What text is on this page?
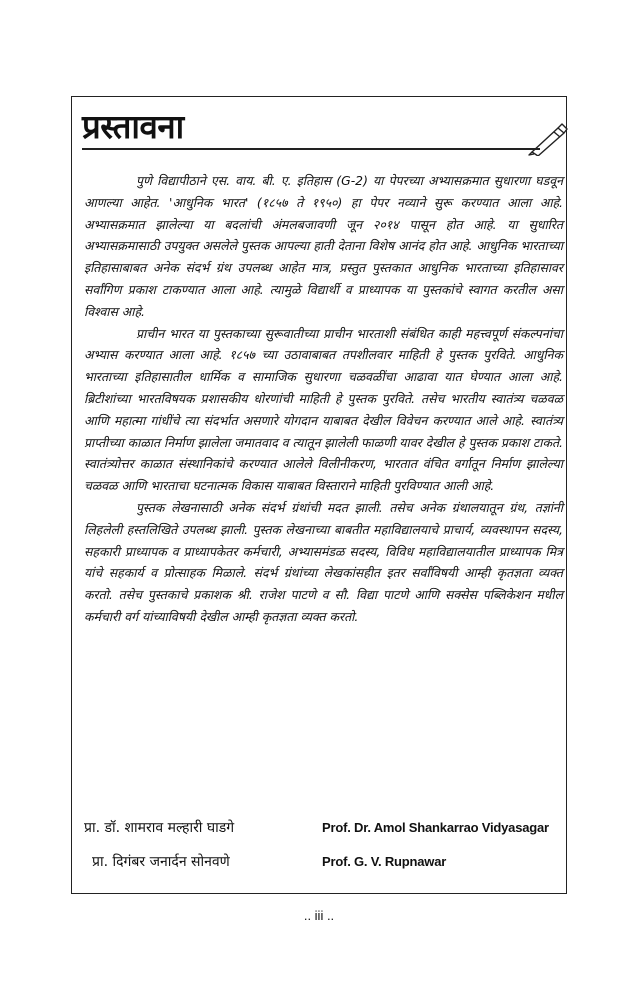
प्रस्तावना

पुणे विद्यापीठाने एस. वाय. बी. ए. इतिहास (G-2) या पेपरच्या अभ्यासक्रमात सुधारणा घडवून आणल्या आहेत. 'आधुनिक भारत' (१८५७ ते १९५०) हा पेपर नव्याने सुरू करण्यात आला आहे. अभ्यासक्रमात झालेल्या या बदलांची अंमलबजावणी जून २०१४ पासून होत आहे. या सुधारित अभ्यासक्रमासाठी उपयुक्त असलेले पुस्तक आपल्या हाती देताना विशेष आनंद होत आहे. आधुनिक भारताच्या इतिहासाबाबत अनेक संदर्भ ग्रंथ उपलब्ध आहेत मात्र, प्रस्तुत पुस्तकात आधुनिक भारताच्या इतिहासावर सर्वांगिण प्रकाश टाकण्यात आला आहे. त्यामुळे विद्यार्थी व प्राध्यापक या पुस्तकांचे स्वागत करतील असा विश्वास आहे.

प्राचीन भारत या पुस्तकाच्या सुरूवातीच्या प्राचीन भारताशी संबंधित काही महत्त्वपूर्ण संकल्पनांचा अभ्यास करण्यात आला आहे. १८५७ च्या उठावाबाबत तपशीलवार माहिती हे पुस्तक पुरविते. आधुनिक भारताच्या इतिहासातील धार्मिक व सामाजिक सुधारणा चळवळींचा आढावा यात घेण्यात आला आहे. ब्रिटीशांच्या भारतविषयक प्रशासकीय धोरणांची माहिती हे पुस्तक पुरविते. तसेच भारतीय स्वातंत्र्य चळवळ आणि महात्मा गांधींचे त्या संदर्भात असणारे योगदान याबाबत देखील विवेचन करण्यात आले आहे. स्वातंत्र्य प्राप्तीच्या काळात निर्माण झालेला जमातवाद व त्यातून झालेली फाळणी यावर देखील हे पुस्तक प्रकाश टाकते. स्वातंत्र्योत्तर काळात संस्थानिकांचे करण्यात आलेले विलीनीकरण, भारतात वंचित वर्गातून निर्माण झालेल्या चळवळ आणि भारताचा घटनात्मक विकास याबाबत विस्ताराने माहिती पुरविण्यात आली आहे.

पुस्तक लेखनासाठी अनेक संदर्भ ग्रंथांची मदत झाली. तसेच अनेक ग्रंथालयातून ग्रंथ, तज्ञांनी लिहलेली हस्तलिखिते उपलब्ध झाली. पुस्तक लेखनाच्या बाबतीत महाविद्यालयाचे प्राचार्य, व्यवस्थापन सदस्य, सहकारी प्राध्यापक व प्राध्यापकेतर कर्मचारी, अभ्यासमंडळ सदस्य, विविध महाविद्यालयातील प्राध्यापक मित्र यांचे सहकार्य व प्रोत्साहक मिळाले. संदर्भ ग्रंथांच्या लेखकांसहीत इतर सर्वांविषयी आम्ही कृतज्ञता व्यक्त करतो. तसेच पुस्तकाचे प्रकाशक श्री. राजेश पाटणे व सौ. विद्या पाटणे आणि सक्सेस पब्लिकेशन मधील कर्मचारी वर्ग यांच्याविषयी देखील आम्ही कृतज्ञता व्यक्त करतो.

प्रा. डॉ. शामराव मल्हारी घाडगे	Prof. Dr. Amol Shankarrao Vidyasagar
प्रा. दिगंबर जनार्दन सोनवणे	Prof. G. V. Rupnawar
.. iii ..
